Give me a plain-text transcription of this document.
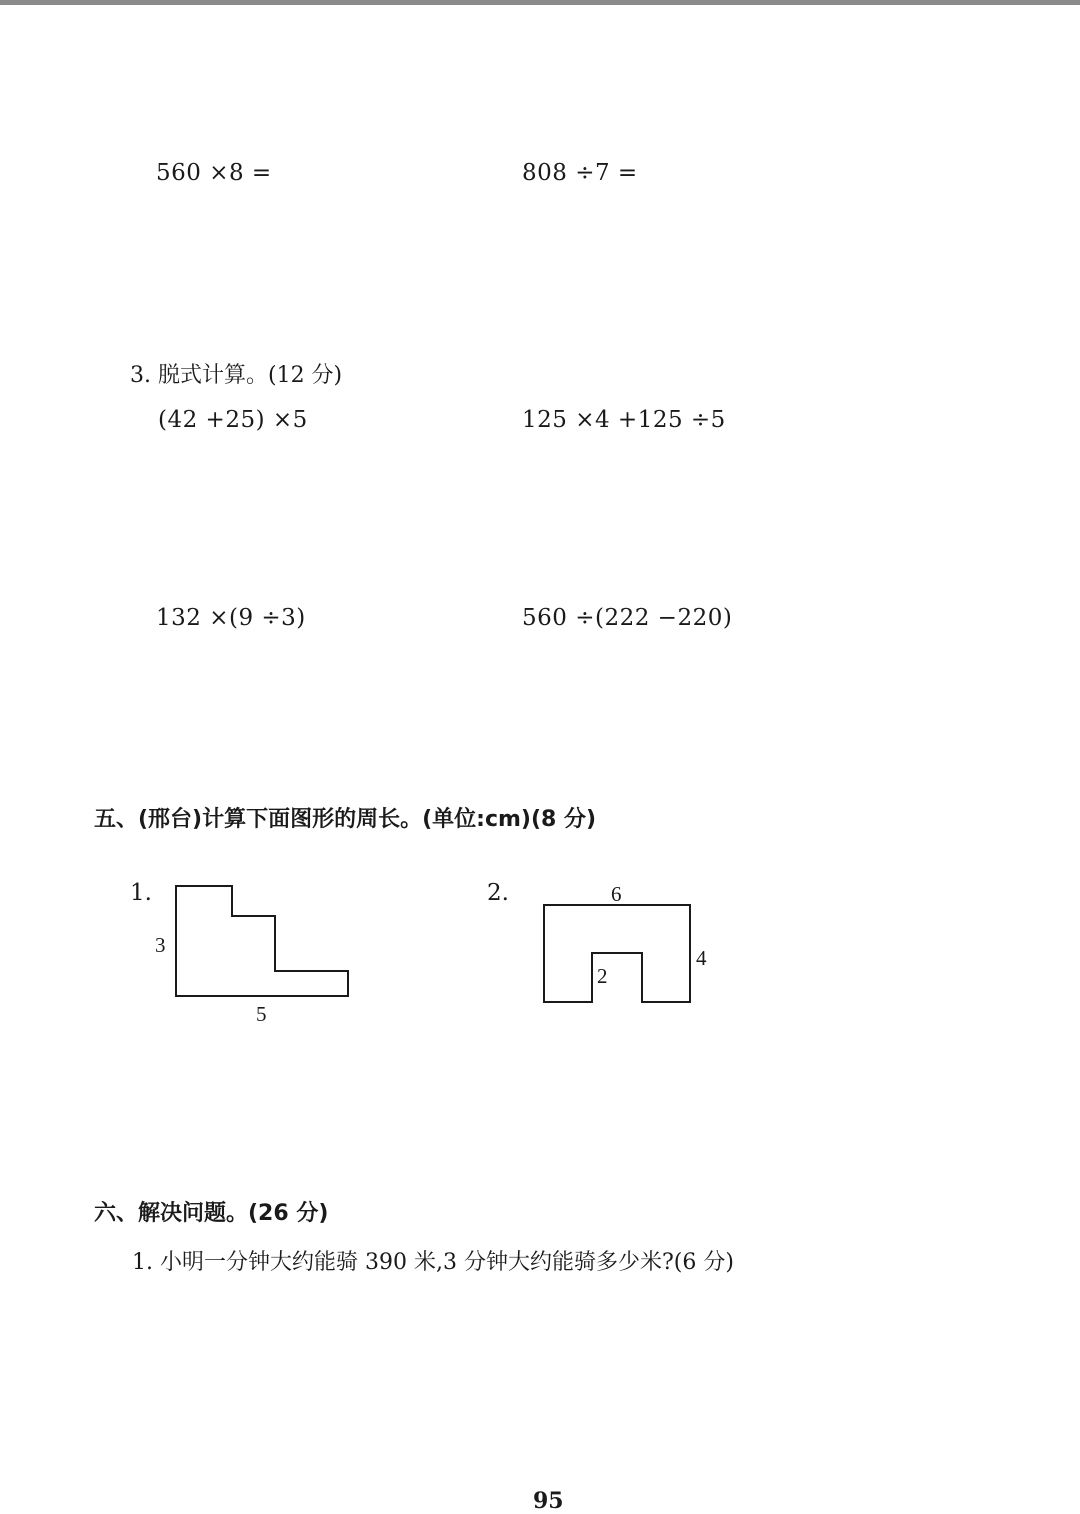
560 ×8 =	808 ÷7 =
3. 脱式计算。(12 分)
(42 +25) ×5	125 ×4 +125 ÷5
132 ×(9 ÷3)	560 ÷(222 −220)
五、(邢台)计算下面图形的周长。(单位:cm)(8 分)
1.
3
5
2.	6
4
2
六、解决问题。(26 分)
1. 小明一分钟大约能骑 390 米,3 分钟大约能骑多少米?(6 分)
95
